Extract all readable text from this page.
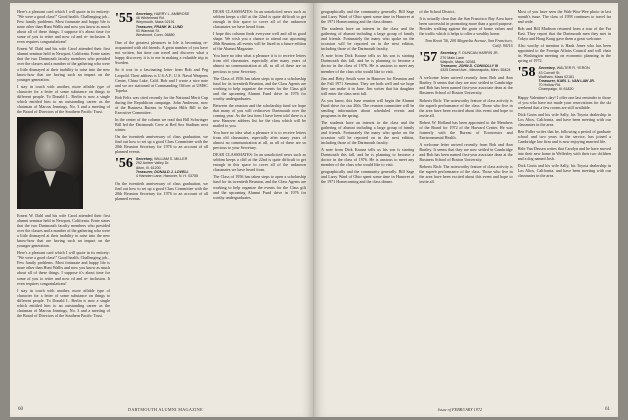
Here's a pleasant card which I will quote in its entirety: "We were a good class!" Good health. Challenging job... Few family problems. Most fortunate and happy life is none other than Hunt Wallis and now you know as much about all of these things. I suppose it's about time for some of you to retire and now cd and re- inclusion. It even requires congratulations!

Ernest W. Dahl and his wife Carol attended their first alumni seminar held in Newport, California. Ernie states that the two Dartmouth faculty members who presided over the classes and a number of the gathering who were a little dismayed at their inability to raise into the new know-how that are having such an impact on the younger generation.

I stay in touch with another, more affable type of character for a letter of some substance on things to different people. To Donald L. Berlin is now a single which entitled him to an outstanding career as the chairman of Marcus Jennings, No. 3 and a meeting of the Board of Directors of the Southern Pacific Trust.

Ernest W. Dahl and his wife Carol attended their first alumni seminar held in Newport, California. Ernie states that the two Dartmouth faculty members who presided over the classes and a number of the gathering who were a little dismayed at their inability to raise into the new know-how that are having such an impact on the younger generation.

Here's a pleasant card which I will quote in its entirety: "We were a good class!" Good health. Challenging job... Few family problems. Most fortunate and happy life is none other than Hunt Wallis and now you know as much about all of these things. I suppose it's about time for some of you to retire and now cd and re- inclusion. It even requires congratulations!

I stay in touch with another, more affable type of character for a letter of some substance on things to different people. To Donald L. Berlin is now a single which entitled him to an outstanding career as the chairman of Marcus Jennings, No. 3 and a meeting of the Board of Directors of the Southern Pacific Trust.

'55 Secretary, HARRY L. AMBROSE
46 Whitehead Rd.
Weymouth, Mass 02191
Treasurer, FRANK W. LUND
93 Warwick St.
Westmont, Conn. 06880

One of the greatest pleasures in life is becoming re-acquainted with old friends. A great number of you have not written, but time can travel and discover what a happy discovery it is to me in making a valuable trip to Sweden.

So it was in a fascinating letter from Bob and Peg Leopold. Their address is U.S.A.F., U.S. Naval Weapons Center, China Lake, Calif. Bob and I wrote a nice note and we are stationed at Commanding Officer at UMSC Topeka.

Bob Felix was cited recently for the National Merit Cup during the Republican campaign. John Anderson, now of the Business Bureau in Virginia Hills Bill to the Executive Committee.

In the center of the column we read that Bill Schwinger Bill led the Dartmouth Crew at Red Sox Stadium next winter.

On the twentieth anniversary of class graduation, we find out how to set up a good Class Committee with the 20th Reunion Secretary for 1976 to an account of all planned events.

'56 Secretary, WILLIAM S. MILLER
252 Amber Valley Dr.
Alton, Ill. 61200
Treasurer, DONALD J. LOVELL
4 Hamden Lane, Hanover, N. H. 03755

On the twentieth anniversary of class graduation, we find out how to set up a good Class Committee with the 20th Reunion Secretary for 1976 to an account of all planned events.

DEAR CLASSMATES: In an unsolicited news such as seldom keeps a cliff at the 22nd is quite difficult to get enough in this space to cover all of the unknown classmates we have heard from.

I hope this column finds everyone well and all in good shape. We wish you a chance to attend our upcoming 20th Reunion, all events will be listed in a future edition of the Alumni Magazine.

You have no idea what a pleasure it is to receive letters from old classmates, especially after many years of almost no communication at all, as all of these are so precious to your Secretary.

The Class of 1956 has taken steps to open a scholarship fund for its twentieth Reunion, and the Class Agents are working to help organize the events for the Class gift and the upcoming Alumni Fund drive in 1976 for worthy undergraduates.

Between the reunion and the scholarship fund we hope that many of you will rediscover Dartmouth over the coming year. As the last item I have been told there is a new Hanover address list for the class which will be mailed to you.

You have no idea what a pleasure it is to receive letters from old classmates, especially after many years of almost no communication at all, as all of these are so precious to your Secretary.

DEAR CLASSMATES: In an unsolicited news such as seldom keeps a cliff at the 22nd is quite difficult to get enough in this space to cover all of the unknown classmates we have heard from.

The Class of 1956 has taken steps to open a scholarship fund for its twentieth Reunion, and the Class Agents are working to help organize the events for the Class gift and the upcoming Alumni Fund drive in 1976 for worthy undergraduates.

60	DARTMOUTH ALUMNI MAGAZINE

geographically and the community generally. Bill Sage and Larry Ward of Ohio spent some time in Hanover at the 1971 Homecoming and the class dinner.

The students have an interest in the class and the gathering of alumni including a large group of family and friends. Fortunately the many who spoke on the occasion will be reported on in the next edition, including those of the Dartmouth faculty.

A note from Dick Krause tells us his son is starting Dartmouth this fall, and he is planning to become a doctor in the class of 1976. He is anxious to meet any member of the class who would like to visit.

Jim and Betty Smith were in Hanover for Reunion and the Fall 1971 Seminar. They are both well and we hope they can make it in June. Jim writes that his daughter will enter the class next fall.

As you know, this June reunion will begin the Alumni Fund drive for our 20th. The reunion committee will be sending information about scheduled events and programs in the spring.

The students have an interest in the class and the gathering of alumni including a large group of family and friends. Fortunately the many who spoke on the occasion will be reported on in the next edition, including those of the Dartmouth faculty.

A note from Dick Krause tells us his son is starting Dartmouth this fall, and he is planning to become a doctor in the class of 1976. He is anxious to meet any member of the class who would like to visit.

geographically and the community generally. Bill Sage and Larry Ward of Ohio spent some time in Hanover at the 1971 Homecoming and the class dinner.

of the School District.

It is actually clear that the San Francisco Bay Area have been successful in promoting more than a good purpose. Besides walking against the grain of home values and the traffic which it helps to offer a wealthy home.

Tom Knott '56, 200 Magnolia Avenue, San Francisco, Calif. 94116

'57 Secretary, F. DUNCAN HARRIS JR.
270 Main Lane
Walpole, Mass. 02081
Treasurer, JOHN D. CONNOLLY III
4325 Drexel Ave., Minneapolis, Minn. 55424

A welcome letter arrived recently from Bob and Ann Bartley. It seems that they are now settled in Cambridge and Bob has been named first-year associate dean at the Business School of Boston University.

Roberts Rich: The noteworthy feature of class activity is the superb performance of the class. Those who live in the area have been excited about this event and hope to invite all.

Robert W. Holland has been appointed to the Members of the Board for 1972 of the Harvard Center. He was formerly with the Bureau of Economics and Environmental Health.

A welcome letter arrived recently from Bob and Ann Bartley. It seems that they are now settled in Cambridge and Bob has been named first-year associate dean at the Business School of Boston University.

Roberts Rich: The noteworthy feature of class activity is the superb performance of the class. Those who live in the area have been excited about this event and hope to invite all.

Most of you have seen the Wah-Woo-Wee photo in last month's issue. The class of 1958 continues to travel far and wide.

Bob and Bill Madison returned from a tour of the Far East. They report that the Dartmouth men they met in Tokyo and Hong Kong gave them a great welcome.

Also worthy of mention is Hank Jones who has been appointed to the Foreign Affairs Council and will chair its Washington meeting on economic planning in the spring of 1972.

'58 Secretary, WALTER R. YERON
43 Cornell St.
Waltham, Mass 02181
Treasurer, KARL L. VAN LAW JR.
70 Hollow Rd.
Champaign, Ill. 61820

Happy Valentine's day! I offer one last reminder to those of you who have not made your reservations for the ski weekend that a few rooms are still available.

Dick Gorin and his wife Sally, his Toyota dealership in Los Altos, California, and have been meeting with our classmates in the area.

Ben Fuller writes that he, following a period of graduate school and two years in the service, has joined a Cambridge law firm and is now enjoying married life.

Hale Van Dessen writes that Carolyn and he have moved into their new home in Wellesley with their two children and a dog named Josh.

Dick Gorin and his wife Sally, his Toyota dealership in Los Altos, California, and have been meeting with our classmates in the area.

Issue of FEBRUARY 1972	61
